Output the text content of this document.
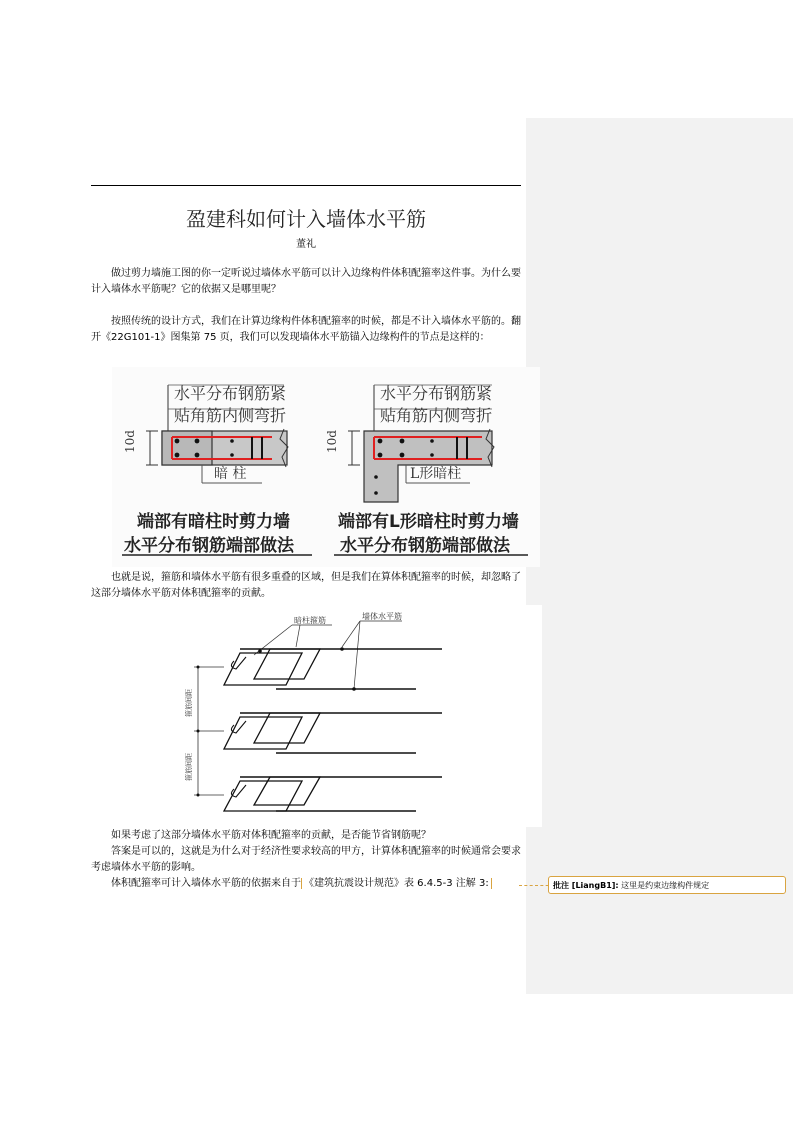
盈建科如何计入墙体水平筋
董礼

做过剪力墙施工图的你一定听说过墙体水平筋可以计入边缘构件体积配箍率这件事。为什么要计入墙体水平筋呢？它的依据又是哪里呢？

按照传统的设计方式，我们在计算边缘构件体积配箍率的时候，都是不计入墙体水平筋的。翻开《22G101-1》图集第 75 页，我们可以发现墙体水平筋锚入边缘构件的节点是这样的：

水平分布钢筋紧
贴角筋内侧弯折
10d
暗 柱
端部有暗柱时剪力墙
水平分布钢筋端部做法
水平分布钢筋紧
贴角筋内侧弯折
10d
L形暗柱
端部有L形暗柱时剪力墙
水平分布钢筋端部做法

也就是说，箍筋和墙体水平筋有很多重叠的区域，但是我们在算体积配箍率的时候，却忽略了这部分墙体水平筋对体积配箍率的贡献。

暗柱箍筋	墙体水平筋
箍筋间距
箍筋间距

如果考虑了这部分墙体水平筋对体积配箍率的贡献，是否能节省钢筋呢？

答案是可以的，这就是为什么对于经济性要求较高的甲方，计算体积配箍率的时候通常会要求考虑墙体水平筋的影响。

体积配箍率可计入墙体水平筋的依据来自于 《建筑抗震设计规范》表 6.4.5-3 注解 3:	批注 [LiangB1]: 这里是约束边缘构件规定
